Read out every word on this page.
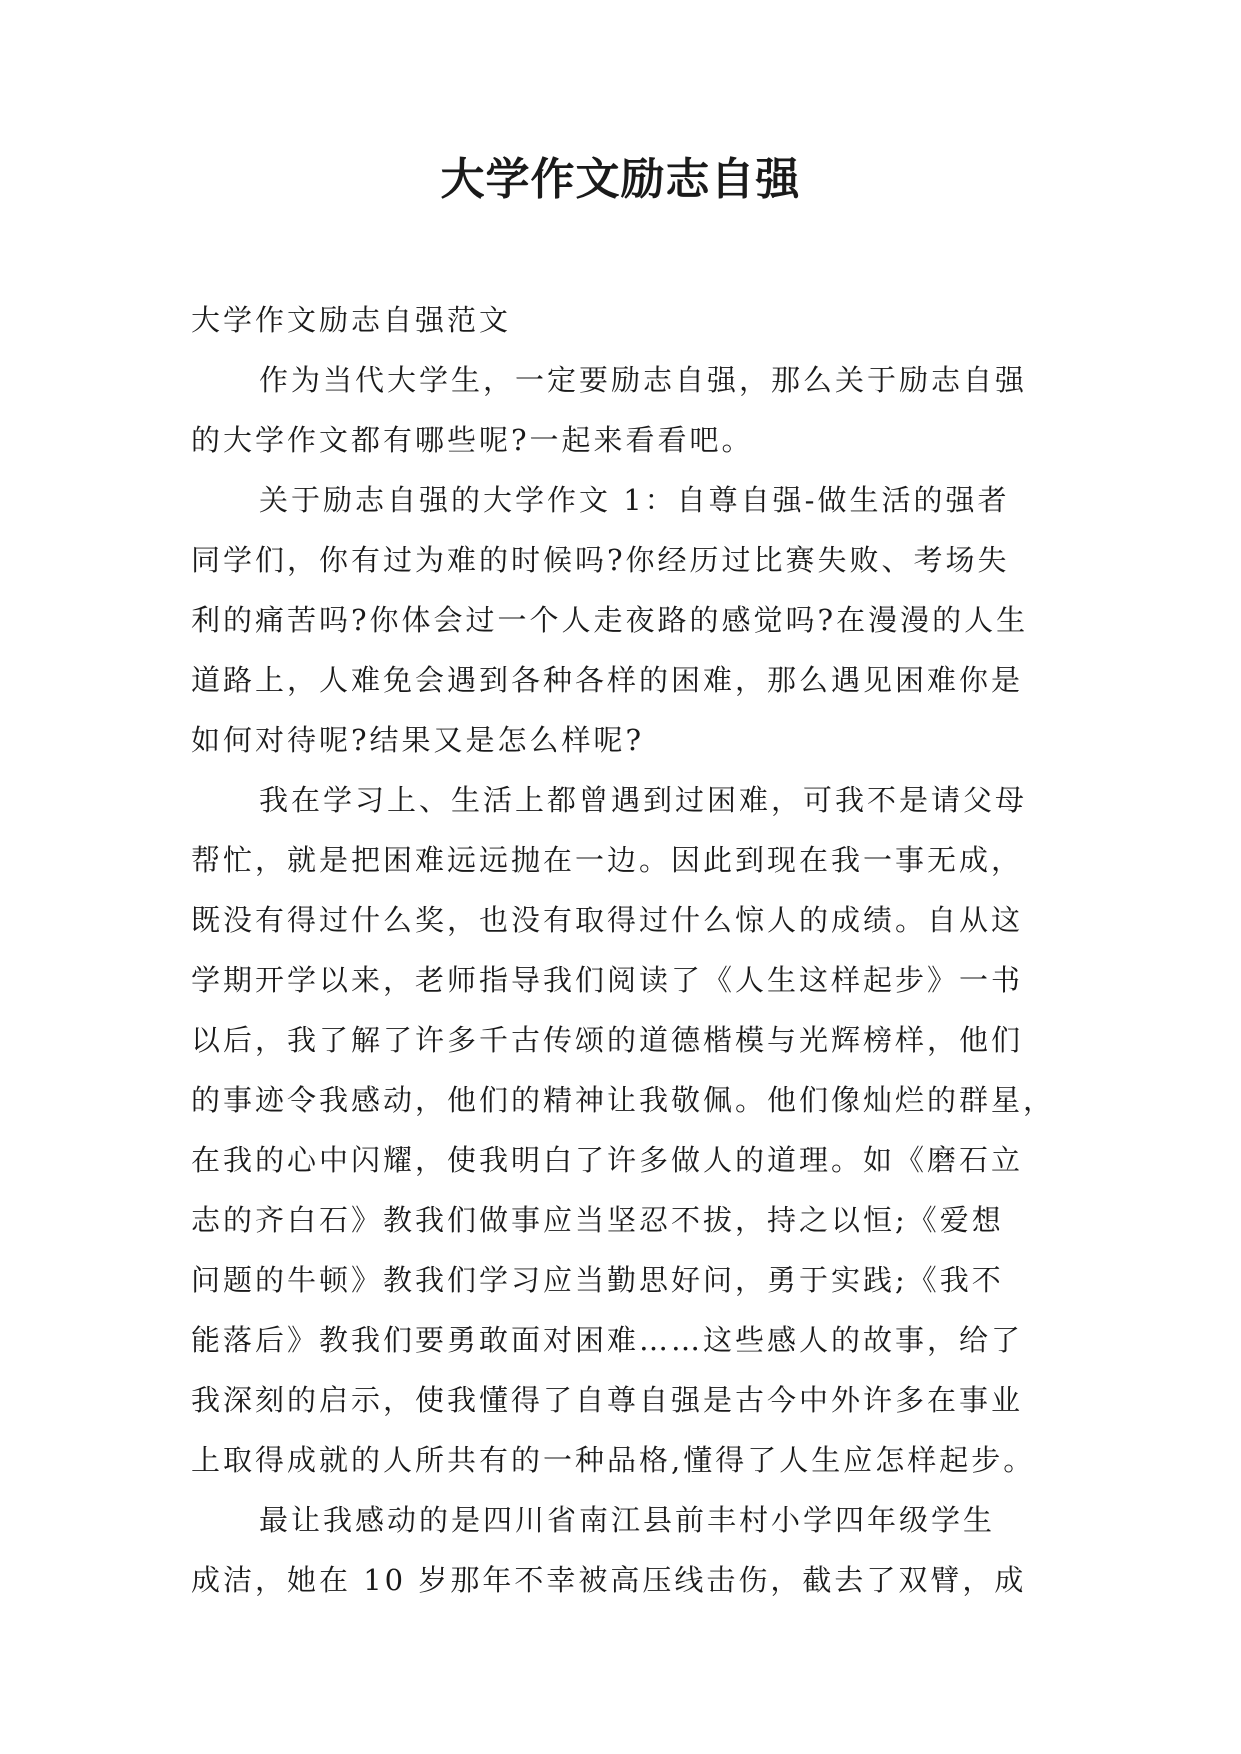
大学作文励志自强
大学作文励志自强范文
作为当代大学生，一定要励志自强，那么关于励志自强
的大学作文都有哪些呢?一起来看看吧。
关于励志自强的大学作文 1：自尊自强-做生活的强者
同学们，你有过为难的时候吗?你经历过比赛失败、考场失
利的痛苦吗?你体会过一个人走夜路的感觉吗?在漫漫的人生
道路上，人难免会遇到各种各样的困难，那么遇见困难你是
如何对待呢?结果又是怎么样呢?
我在学习上、生活上都曾遇到过困难，可我不是请父母
帮忙，就是把困难远远抛在一边。因此到现在我一事无成，
既没有得过什么奖，也没有取得过什么惊人的成绩。自从这
学期开学以来，老师指导我们阅读了《人生这样起步》一书
以后，我了解了许多千古传颂的道德楷模与光辉榜样，他们
的事迹令我感动，他们的精神让我敬佩。他们像灿烂的群星，
在我的心中闪耀，使我明白了许多做人的道理。如《磨石立
志的齐白石》教我们做事应当坚忍不拔，持之以恒;《爱想
问题的牛顿》教我们学习应当勤思好问，勇于实践;《我不
能落后》教我们要勇敢面对困难……这些感人的故事，给了
我深刻的启示，使我懂得了自尊自强是古今中外许多在事业
上取得成就的人所共有的一种品格,懂得了人生应怎样起步。
最让我感动的是四川省南江县前丰村小学四年级学生
成洁，她在 10 岁那年不幸被高压线击伤，截去了双臂，成
